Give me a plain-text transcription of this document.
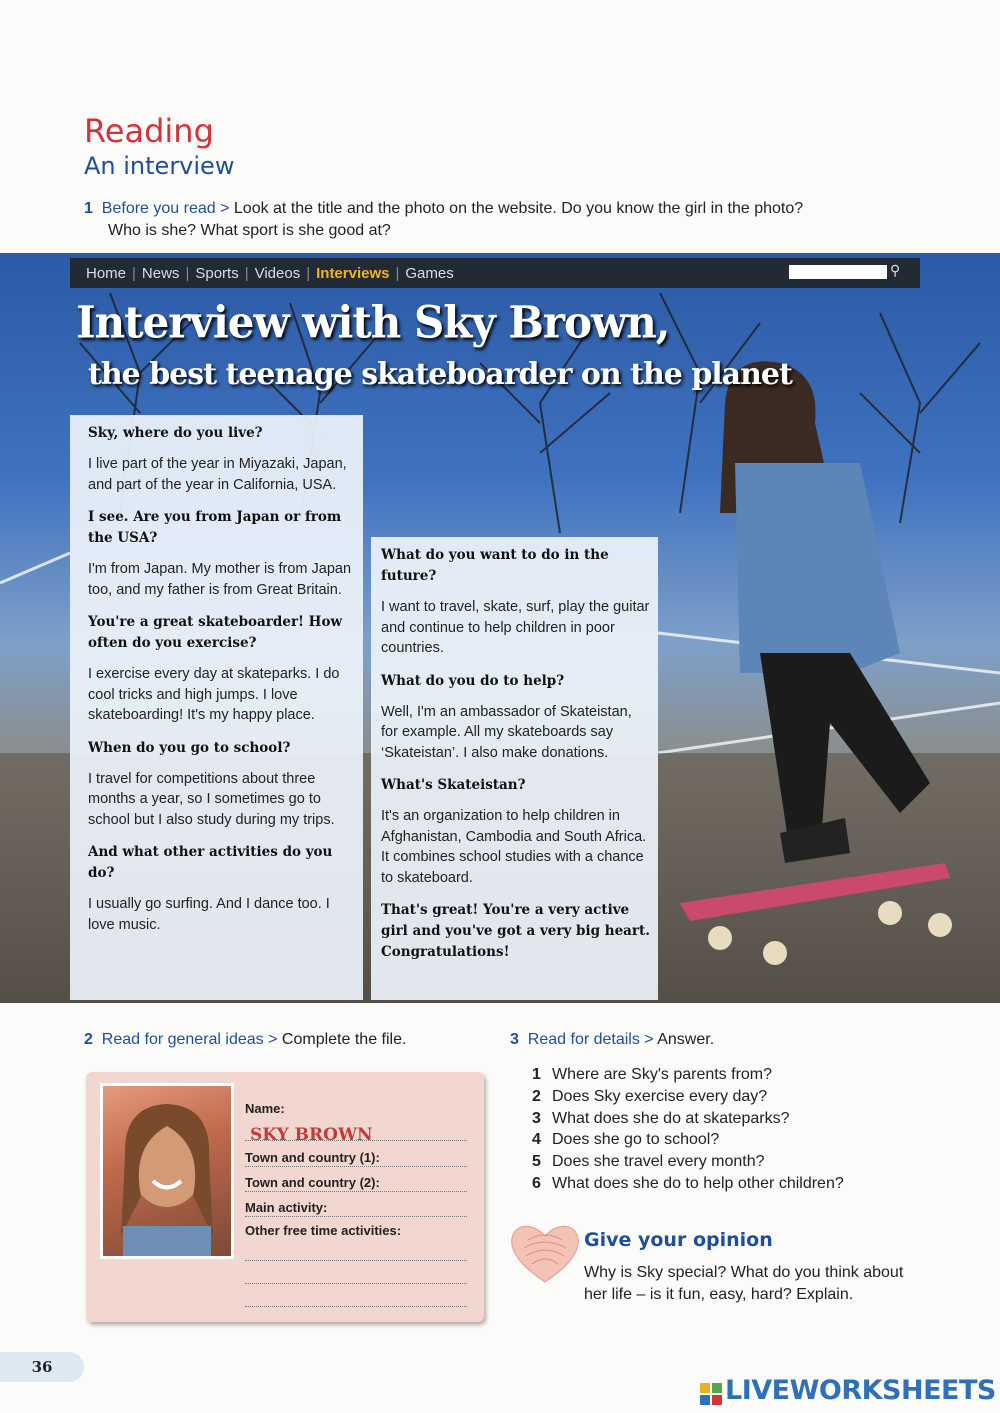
Reading
An interview
1 Before you read > Look at the title and the photo on the website. Do you know the girl in the photo?
Who is she? What sport is she good at?
Home | News | Sports | Videos | Interviews | Games	⚲
Interview with Sky Brown,
the best teenage skateboarder on the planet

Sky, where do you live?

I live part of the year in Miyazaki, Japan, and part of the year in California, USA.

I see. Are you from Japan or from the USA?

I'm from Japan. My mother is from Japan too, and my father is from Great Britain.

You're a great skateboarder! How often do you exercise?

I exercise every day at skateparks. I do cool tricks and high jumps. I love skateboarding! It's my happy place.

When do you go to school?

I travel for competitions about three months a year, so I sometimes go to school but I also study during my trips.

And what other activities do you do?

I usually go surfing. And I dance too. I love music.

What do you want to do in the future?

I want to travel, skate, surf, play the guitar and continue to help children in poor countries.

What do you do to help?

Well, I'm an ambassador of Skateistan, for example. All my skateboards say ‘Skateistan’. I also make donations.

What's Skateistan?

It's an organization to help children in Afghanistan, Cambodia and South Africa. It combines school studies with a chance to skateboard.

That's great! You're a very active girl and you've got a very big heart. Congratulations!

2 Read for general ideas > Complete the file.
Name:
SKY BROWN
Town and country (1):
Town and country (2):
Main activity:
Other free time activities:
3 Read for details > Answer.
1 Where are Sky's parents from?
2 Does Sky exercise every day?
3 What does she do at skateparks?
4 Does she go to school?
5 Does she travel every month?
6 What does she do to help other children?
Give your opinion
Why is Sky special? What do you think about her life – is it fun, easy, hard? Explain.
36
LIVEWORKSHEETS
